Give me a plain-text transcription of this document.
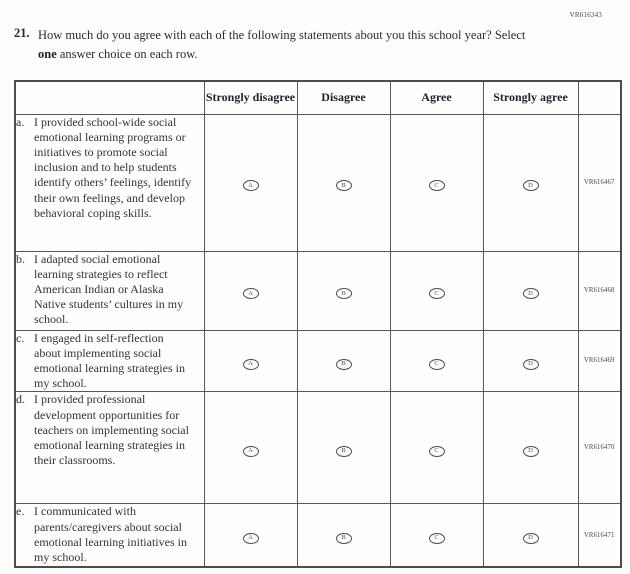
VR616343
21. How much do you agree with each of the following statements about you this school year? Select one answer choice on each row.
	Strongly disagree	Disagree	Agree	Strongly agree	

a. I provided school-wide social emotional learning programs or initiatives to promote social inclusion and to help students identify others’ feelings, identify their own feelings, and develop behavioral coping skills.	A	B	C	D	VR616467

b. I adapted social emotional learning strategies to reflect American Indian or Alaska Native students’ cultures in my school.	A	B	C	D	VR616468

c. I engaged in self-reflection about implementing social emotional learning strategies in my school.	A	B	C	D	VR616469

d. I provided professional development opportunities for teachers on implementing social emotional learning strategies in their classrooms.	A	B	C	D	VR616470

e. I communicated with parents/caregivers about social emotional learning initiatives in my school.	A	B	C	D	VR616471
